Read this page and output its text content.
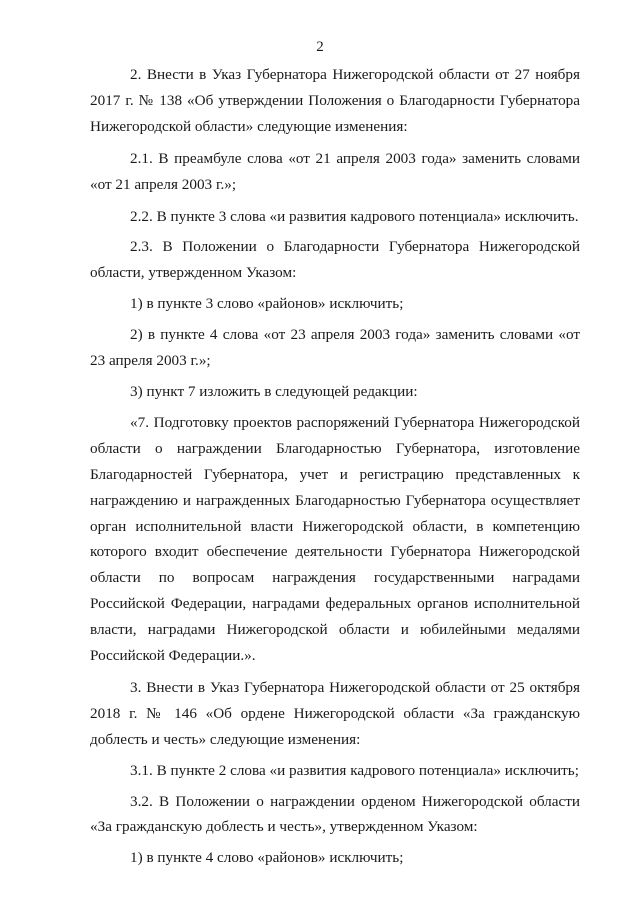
2

2. Внести в Указ Губернатора Нижегородской области от 27 ноября 2017 г. № 138 «Об утверждении Положения о Благодарности Губернатора Нижегородской области» следующие изменения:

2.1. В преамбуле слова «от 21 апреля 2003 года» заменить словами «от 21 апреля 2003 г.»;

2.2. В пункте 3 слова «и развития кадрового потенциала» исключить.

2.3. В Положении о Благодарности Губернатора Нижегородской области, утвержденном Указом:

1) в пункте 3 слово «районов» исключить;

2) в пункте 4 слова «от 23 апреля 2003 года» заменить словами «от 23 апреля 2003 г.»;

3) пункт 7 изложить в следующей редакции:

«7. Подготовку проектов распоряжений Губернатора Нижегородской области о награждении Благодарностью Губернатора, изготовление Благодарностей Губернатора, учет и регистрацию представленных к награждению и награжденных Благодарностью Губернатора осуществляет орган исполнительной власти Нижегородской области, в компетенцию которого входит обеспечение деятельности Губернатора Нижегородской области по вопросам награждения государственными наградами Российской Федерации, наградами федеральных органов исполнительной власти, наградами Нижегородской области и юбилейными медалями Российской Федерации.».

3. Внести в Указ Губернатора Нижегородской области от 25 октября 2018 г. № 146 «Об ордене Нижегородской области «За гражданскую доблесть и честь» следующие изменения:

3.1. В пункте 2 слова «и развития кадрового потенциала» исключить;

3.2. В Положении о награждении орденом Нижегородской области «За гражданскую доблесть и честь», утвержденном Указом:

1) в пункте 4 слово «районов» исключить;
